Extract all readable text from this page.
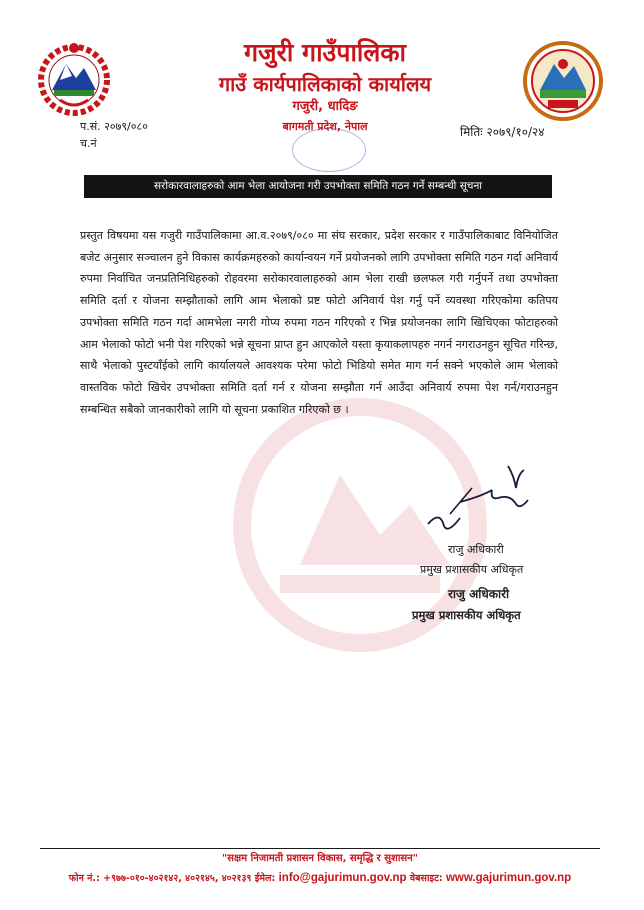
गजुरी गाउँपालिका
गाउँ कार्यपालिकाको कार्यालय
गजुरी, धादिङ
बागमती प्रदेश, नेपाल
प.सं. २०७९/०८०
च.नं
मितिः २०७९/१०/२४
सरोकारवालाहरुको आम भेला आयोजना गरी उपभोक्ता समिति गठन गर्ने सम्बन्धी सूचना

प्रस्तुत विषयमा यस गजुरी गाउँपालिकामा आ.व.२०७९/०८० मा संघ सरकार, प्रदेश सरकार र गाउँपालिकाबाट विनियोजित बजेट अनुसार सञ्चालन हुने विकास कार्यक्रमहरुको कार्यान्वयन गर्ने प्रयोजनको लागि उपभोक्ता समिति गठन गर्दा अनिवार्य रुपमा निर्वाचित जनप्रतिनिधिहरुको रोहवरमा सरोकारवालाहरुको आम भेला राखी छलफल गरी गर्नुपर्ने तथा उपभोक्ता समिति दर्ता र योजना सम्झौताको लागि आम भेलाको प्रष्ट फोटो अनिवार्य पेश गर्नु पर्ने व्यवस्था गरिएकोमा कतिपय उपभोक्ता समिति गठन गर्दा आमभेला नगरी गोप्य रुपमा गठन गरिएको र भिन्न प्रयोजनका लागि खिचिएका फोटाहरुको आम भेलाको फोटो भनी पेश गरिएको भन्ने सूचना प्राप्त हुन आएकोले यस्ता कृयाकलापहरु नगर्न नगराउनहुन सूचित गरिन्छ, साथै भेलाको पुस्टयाँईको लागि कार्यालयले आवश्यक परेमा फोटो भिडियो समेत माग गर्न सक्ने भएकोले आम भेलाको वास्तविक फोटो खिचेर उपभोक्ता समिति दर्ता गर्न र योजना सम्झौता गर्न आउँदा अनिवार्य रुपमा पेश गर्न/गराउनहुन सम्बन्धित सबैको जानकारीको लागि यो सूचना प्रकाशित गरिएको छ ।

राजु अधिकारी
प्रमुख प्रशासकीय अधिकृत
राजु अधिकारी
प्रमुख प्रशासकीय अधिकृत
"सक्षम निजामती प्रशासन विकास, समृद्धि र सुशासन"
फोन नं.: +९७७-०१०-४०२१४२, ४०२१४५, ४०२१३९ ईमेल: info@gajurimun.gov.np वेबसाइट: www.gajurimun.gov.np
